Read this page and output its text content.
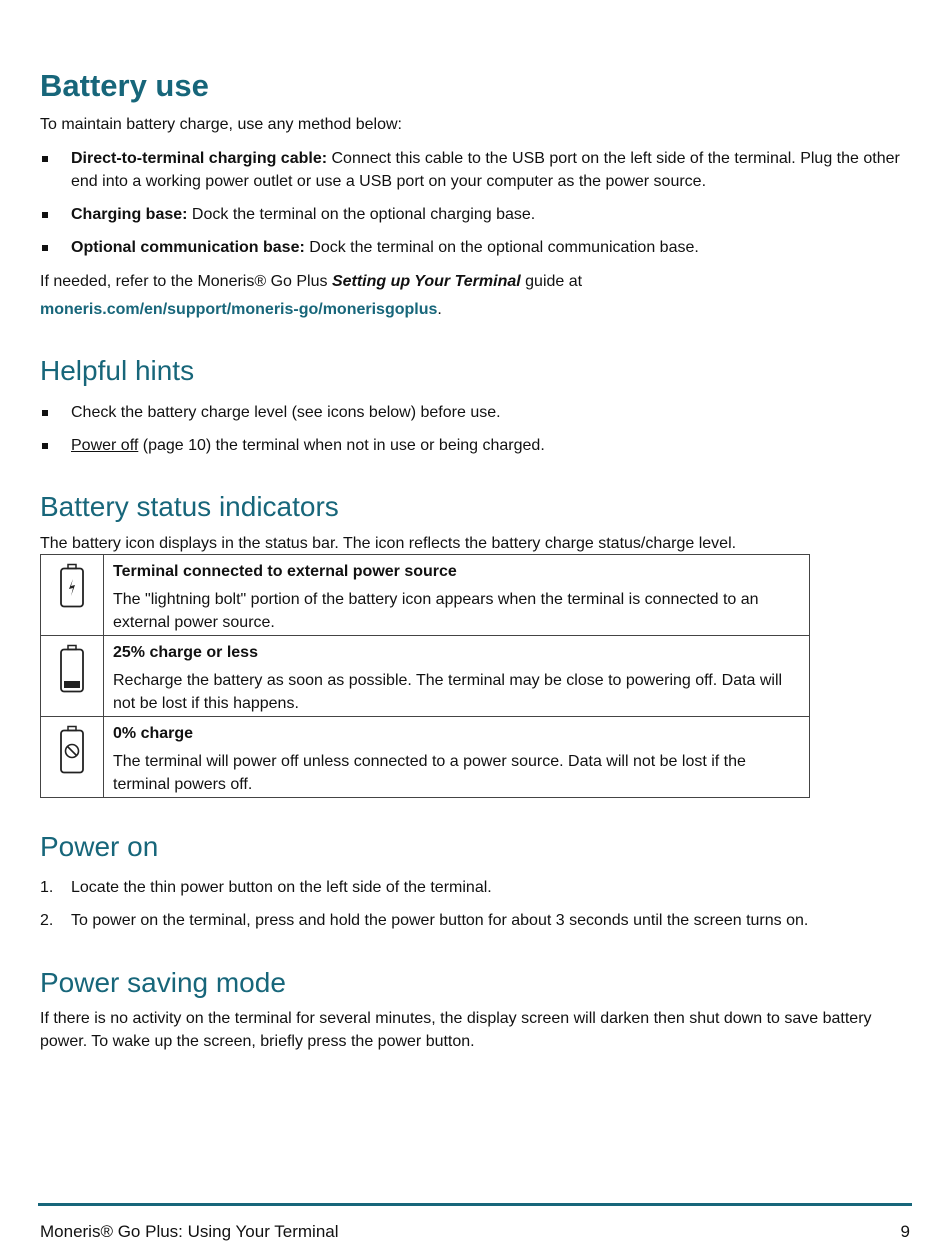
Battery use

To maintain battery charge, use any method below:

Direct-to-terminal charging cable: Connect this cable to the USB port on the left side of the terminal. Plug the other end into a working power outlet or use a USB port on your computer as the power source.
Charging base: Dock the terminal on the optional charging base.
Optional communication base: Dock the terminal on the optional communication base.

If needed, refer to the Moneris® Go Plus Setting up Your Terminal guide at

moneris.com/en/support/moneris-go/monerisgoplus.

Helpful hints
Check the battery charge level (see icons below) before use.
Power off (page 10) the terminal when not in use or being charged.
Battery status indicators

The battery icon displays in the status bar. The icon reflects the battery charge status/charge level.

Terminal connected to external power source
The "lightning bolt" portion of the battery icon appears when the terminal is connected to an external power source.

25% charge or less
Recharge the battery as soon as possible. The terminal may be close to powering off. Data will not be lost if this happens.

0% charge
The terminal will power off unless connected to a power source. Data will not be lost if the terminal powers off.
Power on
1. Locate the thin power button on the left side of the terminal.
2. To power on the terminal, press and hold the power button for about 3 seconds until the screen turns on.
Power saving mode

If there is no activity on the terminal for several minutes, the display screen will darken then shut down to save battery power. To wake up the screen, briefly press the power button.

Moneris® Go Plus: Using Your Terminal	9
